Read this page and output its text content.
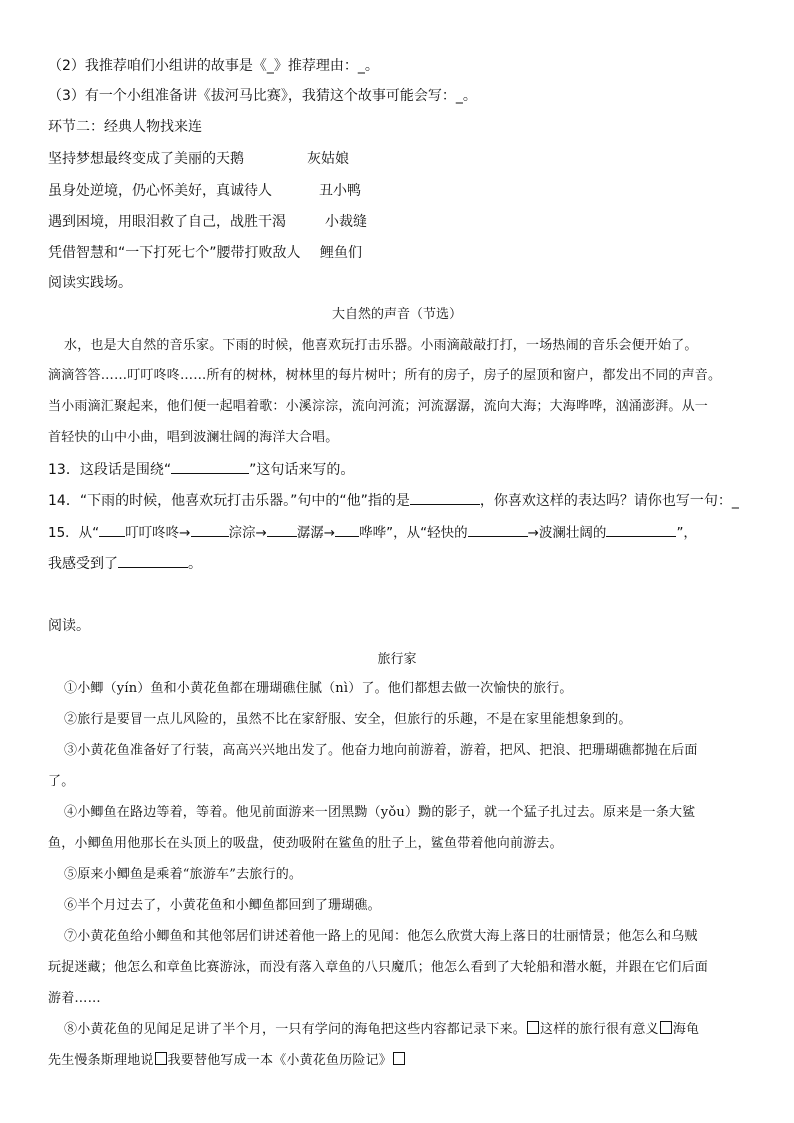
（2）我推荐咱们小组讲的故事是《_》推荐理由：_。
（3）有一个小组准备讲《拔河马比赛》，我猜这个故事可能会写：_。
环节二：经典人物找来连
坚持梦想最终变成了美丽的天鹅	灰姑娘
虽身处逆境，仍心怀美好，真诚待人	丑小鸭
遇到困境，用眼泪救了自己，战胜干渴	小裁缝
凭借智慧和“一下打死七个”腰带打败敌人 鲤鱼们
阅读实践场。
大自然的声音（节选）
水，也是大自然的音乐家。下雨的时候，他喜欢玩打击乐器。小雨滴敲敲打打，一场热闹的音乐会便开始了。
滴滴答答……叮叮咚咚……所有的树林，树林里的每片树叶；所有的房子，房子的屋顶和窗户，都发出不同的声音。
当小雨滴汇聚起来，他们便一起唱着歌：小溪淙淙，流向河流；河流潺潺，流向大海；大海哗哗，汹涌澎湃。从一
首轻快的山中小曲，唱到波澜壮阔的海洋大合唱。
13．这段话是围绕“	”这句话来写的。
14．“下雨的时候，他喜欢玩打击乐器。”句中的“他”指的是	，你喜欢这样的表达吗？请你也写一句：_
15．从“ 叮叮咚咚→	淙淙→ 潺潺→ 哗哗”，从“轻快的	→波澜壮阔的	”，
我感受到了	。
阅读。
旅行家
①小鲫（yín）鱼和小黄花鱼都在珊瑚礁住腻（nì）了。他们都想去做一次愉快的旅行。
②旅行是要冒一点儿风险的，虽然不比在家舒服、安全，但旅行的乐趣，不是在家里能想象到的。
③小黄花鱼准备好了行装，高高兴兴地出发了。他奋力地向前游着，游着，把风、把浪、把珊瑚礁都抛在后面
了。
④小鲫鱼在路边等着，等着。他见前面游来一团黑黝（yǒu）黝的影子，就一个猛子扎过去。原来是一条大鲨
鱼，小鲫鱼用他那长在头顶上的吸盘，使劲吸附在鲨鱼的肚子上，鲨鱼带着他向前游去。
⑤原来小鲫鱼是乘着“旅游车”去旅行的。
⑥半个月过去了，小黄花鱼和小鲫鱼都回到了珊瑚礁。
⑦小黄花鱼给小鲫鱼和其他邻居们讲述着他一路上的见闻：他怎么欣赏大海上落日的壮丽情景；他怎么和乌贼
玩捉迷藏；他怎么和章鱼比赛游泳，而没有落入章鱼的八只魔爪；他怎么看到了大轮船和潜水艇，并跟在它们后面
游着……
⑧小黄花鱼的见闻足足讲了半个月，一只有学问的海龟把这些内容都记录下来。 这样的旅行很有意义 海龟
先生慢条斯理地说 我要替他写成一本《小黄花鱼历险记》
